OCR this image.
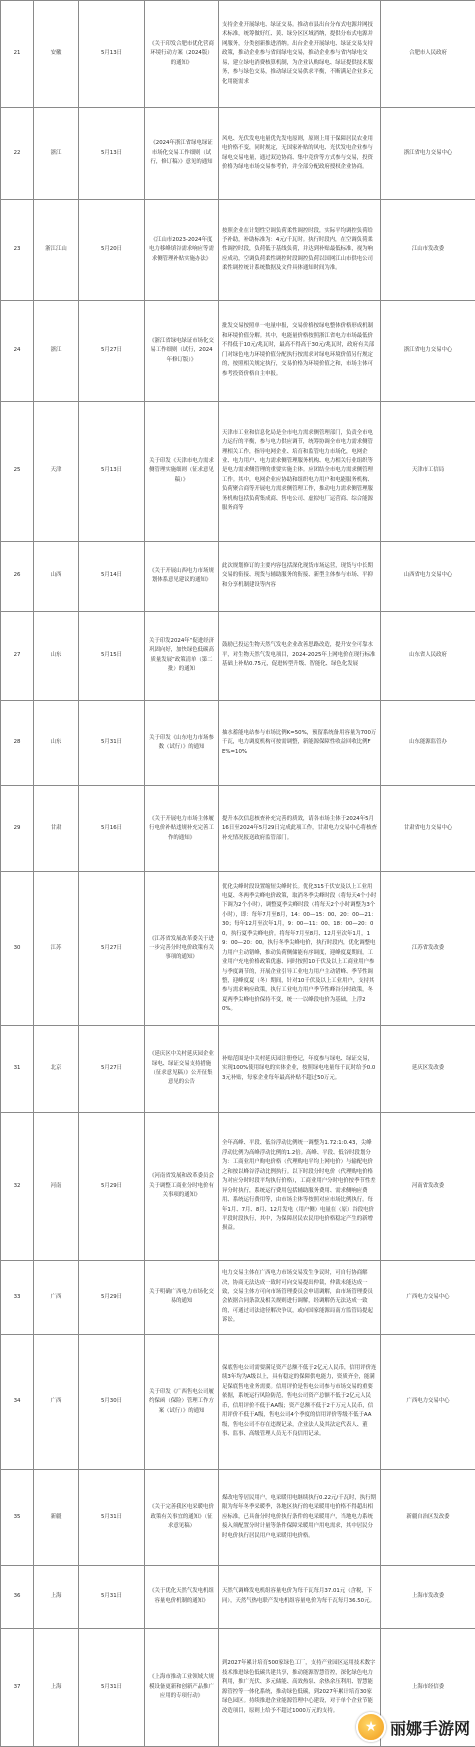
21	安徽	5月13日	《关于印发合肥市优化营商环境行动方案（2024版）的通知》	支持企业开展绿电、绿证交易。推动市县出台分布式电源并网技术标准，统筹做好红、黄、绿分区区域消纳，提供分布式电源并网服务，分类创新推进消纳。出台企业开展绿电、绿证交易支持政策，推动企业参与省间绿电交易，推动企业参与省内绿电交易，建立绿电消费核算机制，为企业认购绿电、绿证提供技术服务，参与绿色交易，推动绿证交易供求平衡，不断满足企业多元化用能需求	合肥市人民政府
22	浙江	5月13日	《2024年浙江省绿电绿证市场化交易工作细则（试行，修订稿）》意见的通知	风电、光伏发电电量优先发电原则，原则上用于保障居民农业用电价格不变，同时规定，无国家补贴的风电、光伏发电企业参与绿电交易电量，通过双边协商、集中竞价等方式参与交易，投资价格为绿电市场交易参考价，并全部分配政府授权企业协商。	浙江省电力交易中心
23	浙江江山	5月20日	《江山市2023-2024年度电力移峰填谷需求响应等需求侧管理补贴实施办法》	按照企业在计划性空调负荷柔性调控时段，实际平均调控负荷给予补助，补助标准为：4元/千瓦时。执行时段内，在空调负荷柔性调控时段，负荷低于基线负荷，并达到补贴最低标准，视为响应成功，空调负荷柔性调控时段调控负荷以国网江山市供电公司柔性调控统计系统数据及文件具体通知时间为准。	江山市发改委
24	浙江	5月27日	《浙江省绿电绿证市场化交易工作细则（试行，2024年修订版）》	批发交易按照单一电量申报，交易价格按绿电整体价格形成机制和环境价值分解。其中，电能量价格按照浙江省电力市场最低价不得低于10元/兆瓦时，最高不得高于30元/兆瓦时，政府有关部门对绿色电力环境价值分配执行按需求对绿电环境价值另行规定的，按照相关规定执行，交易价格为环境价值之和，市场主体可参考投资价格自主申报。	浙江省电力交易中心
25	天津	5月13日	关于印发《天津市电力需求侧管理实施细则（征求意见稿）》	天津市工业和信息化局是全市电力需求侧管理部门，负责全市电力运行的平衡，参与电力供应调节，统筹协调全市电力需求侧管理相关工作，指导电网企业、培育和监管电力市场化，电网企业、电力用户、电力需求侧管理服务机构、电力相关行业组织等是电力需求侧管理的重要实施主体。应团结全市电力需求侧管理工作。其中，电网企业应协助和组织电力用户和电能服务机构、负荷聚合商等开展电力需求侧管理工作，推动电力需求侧管理服务机构包括负荷集成商、售电公司、虚拟电厂运营商、综合能源服务商等	天津市工信局
26	山西	5月14日	《关于开展山西电力市场规划体系意见建议的通知》	此次规划修订的主要内容包括深化现货市场运营，现货与中长期交易的衔接、现货与辅助服务的衔接、新型主体参与市场、平抑和分享机制建设等内容	山西省电力交易中心
27	山东	5月15日	关于印发2024年“促进经济巩固向好，加快绿色低碳高质量发展”政策清单（第二批）的通知	鼓励已投运生物天然气发电企业改善思路改造，提升安全可靠水平，对生物天然气发电项目，2024-2025年上网电价在现行标准基础上补贴0.75元，促进转型升级、智能化、绿色化发展	山东省人民政府
28	山东	5月31日	关于印发《山东电力市场参数（试行）》的通知	抽水蓄能电站参与市场比例K=50%，预留系统备用容量为700万千瓦，电力调度机构可按需调整，新能源保障性收益回收比例FE%=10%	山东能源监管办
29	甘肃	5月16日	《关于开展电力市场主体履行电价补贴违规补充完善工作的通知》	提升本次信息核查补充完善的质效，请各市场主体于2024年5月16日至2024年5月29日完成此项工作，甘肃电力交易中心将核查补充情况报送政府监管部门。	甘肃省电力交易中心
30	江苏	5月27日	《江苏省发展改革委关于进一步完善分时电价政策有关事项的通知》	优化尖峰时段设置缩短尖峰时长。优化315千伏安及以上工业用电夏、冬两季尖峰电价政策，取消冬季尖峰时段（将每天4个小时下调为2个小时），调整夏季尖峰时段（将每天2个小时调整为3个小时），即：每年7月至8月，14：00—15：00、20：00—21：30；每年12月至次年1月，9：00—11：00、18：00—20：00，执行夏季尖峰电价。将每年7月至8月、12月至次年1月，19：00—20：00，执行冬季尖峰电价，执行时段内，优化调整电力用户主动错峰，推动负荷侧储能有序调度，迎峰度夏期间，工业用户充电价格政策优惠、同时按照10千伏及以上工商业用户参与季度调节的，开展企业引导工业电力用户主动错峰、季节性调整，迎峰度夏（冬）期间，针对10千伏及以上工业用户，支持其参与需求响应政策，执行工业电力用户季节性峰谷分时政策，冬夏两季尖峰电价保持不变，统一一以峰段电价为基础，上浮20%。	江苏省发改委
31	北京	5月27日	《延庆区中关村延庆园企业绿电、绿证交易支持措施（征求意见稿）》公开征集意见的公告	补贴范围是中关村延庆园注册登记，年度参与绿电、绿证交易，实现100%使用绿电的实体企业，按照绿电电量每千瓦时给予0.03元补贴，每家企业每年最高补贴不超过50万元。	延庆区发改委
32	河南	5月29日	《河南省发展和改革委员会关于调整工商业分时电价有关事项的通知》	全年高峰、平段、低谷浮动比例统一调整为1.72:1:0.43，尖峰浮动比例为高峰浮动比例的1.2倍。高峰、平段、低谷时段划分为：工商业用户购电价格（代理购电平均上网电价）与输配电价之和按以峰谷浮动比例执行。以下时段分时电价（代理购电价格为对应分时时段平均执行价格），工商业用户分时电价按季节性差异分时执行，系统运行费用包括辅助服务费用、需求侧响应费用、系统运行费用等，由市场主体等按照对应市场比例执行。每年1月、7月、8月、12月发电（用户侧）电量在（原）谷段电价平段时段执行，其中，为保障居民农民用电价格稳定产生的新增损益。	河南省发改委
33	广西	5月29日	关于明确广西电力市场化交易的通知	电力交易主体在广西电力市场交易发生争议时，可自行协商解决，协商无法达成一致时可向交易提出仲裁，仲裁未能达成一致，交易主体方可向市场管理委员会申请调解，由市场管理委员会依据合同条款及相关规则进行调解，经调解仍无法达成一致的，可通过司法途径解决争议，或向国家能源局南方监管局提起诉讼。	广西电力交易中心
34	广西	5月30日	关于印发《广西售电公司履约保函（保险）管理工作方案（试行）》的通知	保底售电公司需要满足资产总额不低于2亿元人民币，信用评价连续3年均为A级以上，具有稳定的保障供电能力，资质齐全，能满足保底售电业务需要。信用评价是售电公司参与市场交易的重要依据，系统运行风险防范，售电公司资产总额不低于2亿元人民币，信用评价不低于AA级；资产总额不低于2千万元人民币，信用评价不低于A级，售电公司4个季度的信用评价等级不低于AA级，售电公司不存在违规记录，企业法人及其法定代表人、董事、监事、高级管理人员无不良信用记录。	广西电力交易中心
35	新疆	5月31日	《关于完善我区电采暖电价政策有关事宜的通知》（征求意见稿）	煤改电等居民用户，电采暖用电继续执行0.22元/千瓦时，执行期限为每年冬季采暖季，各地区执行的电采暖用电价格不得超出相应标准，已具备分时电价执行条件的电采暖用户，当地电力系统接入须配置分时计量等条件保障采暖用户用电需求，其中居民分时电价执行居民用户电采暖用电价格。	新疆自治区发改委
36	上海	5月31日	《关于优化天然气发电机组容量电价机制的通知》	天然气调峰发电机组容量电价为每千瓦每月37.01元（含税，下同），天然气热电联产发电机组容量电价为每千瓦每月36.50元。	上海市发改委
37	上海	5月31日	《上海市推动工业领域大规模设备更新和创新产品推广应用的专项行动》	到2027年累计培育500家绿色工厂，支持产业园区运用技术数字技术推进绿色低碳共建共享，推动能源智慧管控，深化绿色电力利用，推广光伏、多元储能、高效热泵、余热余压利用、智慧能源管控等一体化系统，推动绿色低碳，到2027年累计培育30家绿色园区。持续推进企业能源管理中心建设，对于单个企业节能改造项目，原则上给予不超过1000万元的支持。	上海市经信委
★ 丽娜手游网
